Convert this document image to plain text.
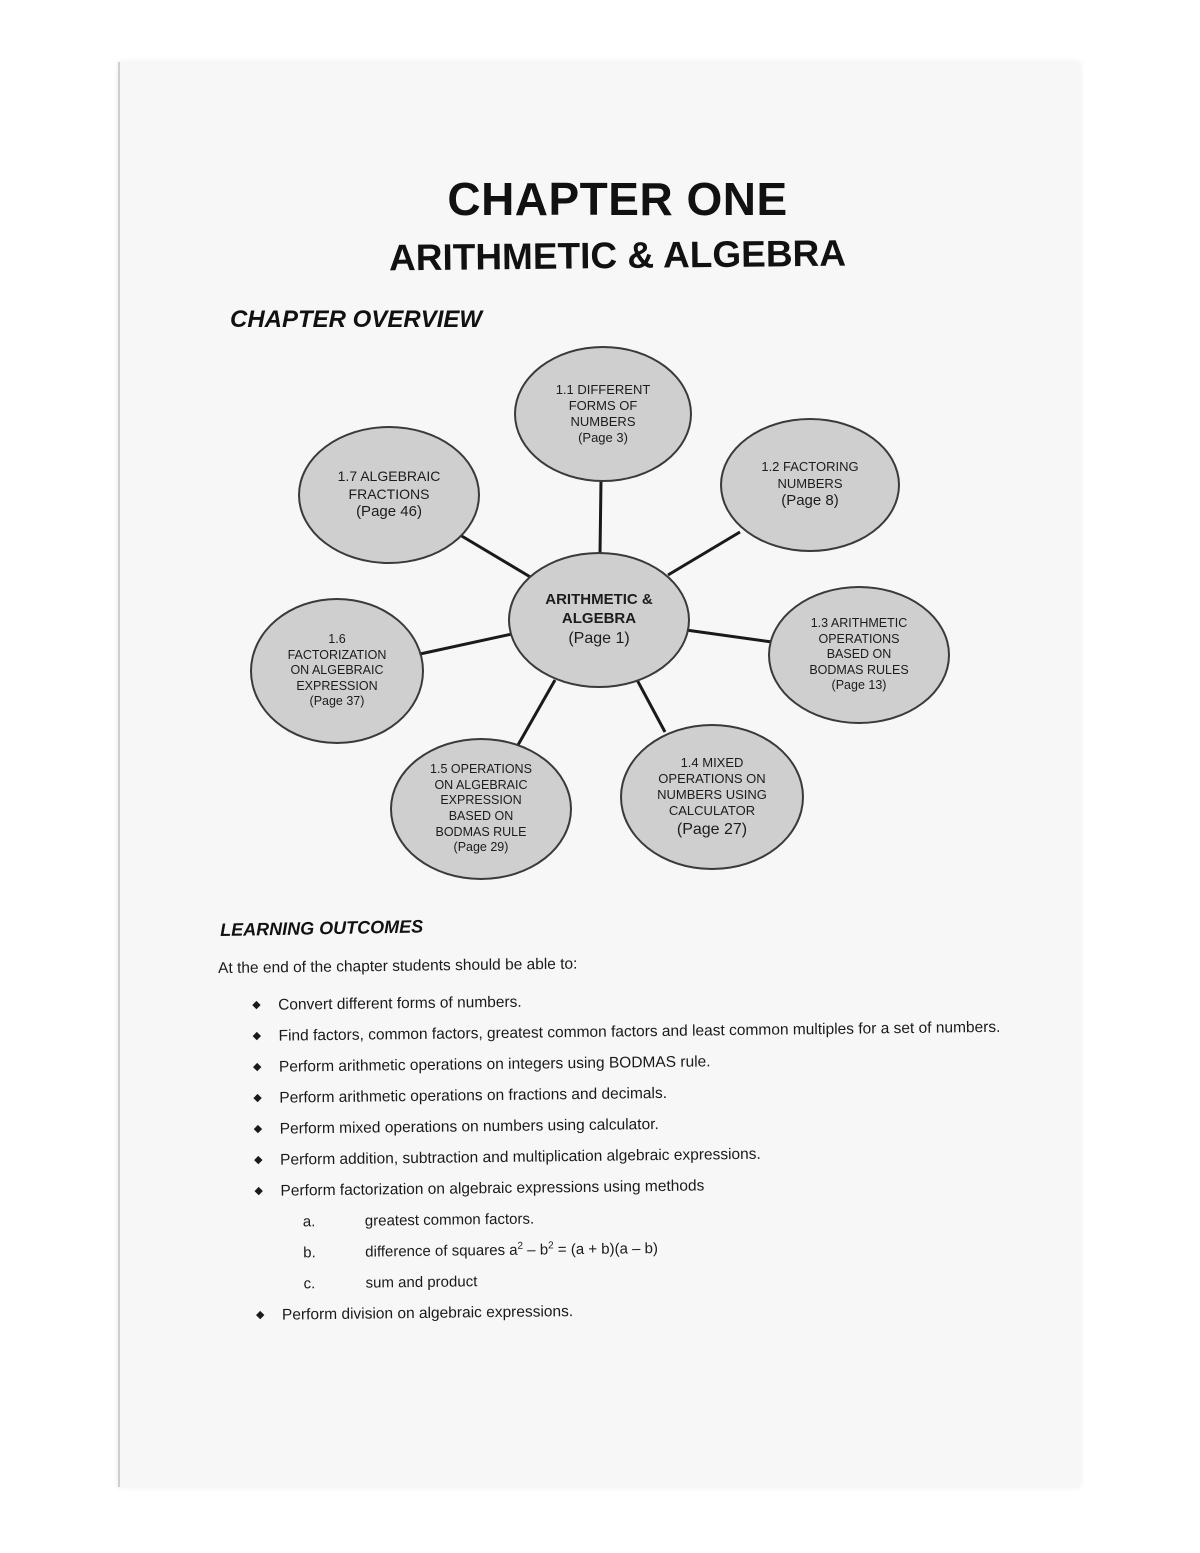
CHAPTER ONE
ARITHMETIC & ALGEBRA
CHAPTER OVERVIEW
ARITHMETIC &
ALGEBRA
(Page 1)
1.1 DIFFERENT
FORMS OF
NUMBERS
(Page 3)
1.2 FACTORING
NUMBERS
(Page 8)
1.3 ARITHMETIC
OPERATIONS
BASED ON
BODMAS RULES
(Page 13)
1.4 MIXED
OPERATIONS ON
NUMBERS USING
CALCULATOR
(Page 27)
1.5 OPERATIONS
ON ALGEBRAIC
EXPRESSION
BASED ON
BODMAS RULE
(Page 29)
1.6
FACTORIZATION
ON ALGEBRAIC
EXPRESSION
(Page 37)
1.7 ALGEBRAIC
FRACTIONS
(Page 46)
LEARNING OUTCOMES

At the end of the chapter students should be able to:

◆ Convert different forms of numbers.
◆ Find factors, common factors, greatest common factors and least common multiples for a set of numbers.
◆ Perform arithmetic operations on integers using BODMAS rule.
◆ Perform arithmetic operations on fractions and decimals.
◆ Perform mixed operations on numbers using calculator.
◆ Perform addition, subtraction and multiplication algebraic expressions.
◆ Perform factorization on algebraic expressions using methods
a.	greatest common factors.
b.	difference of squares $a^2 - b^2 = (a + b)(a - b)$
c.	sum and product
◆ Perform division on algebraic expressions.
